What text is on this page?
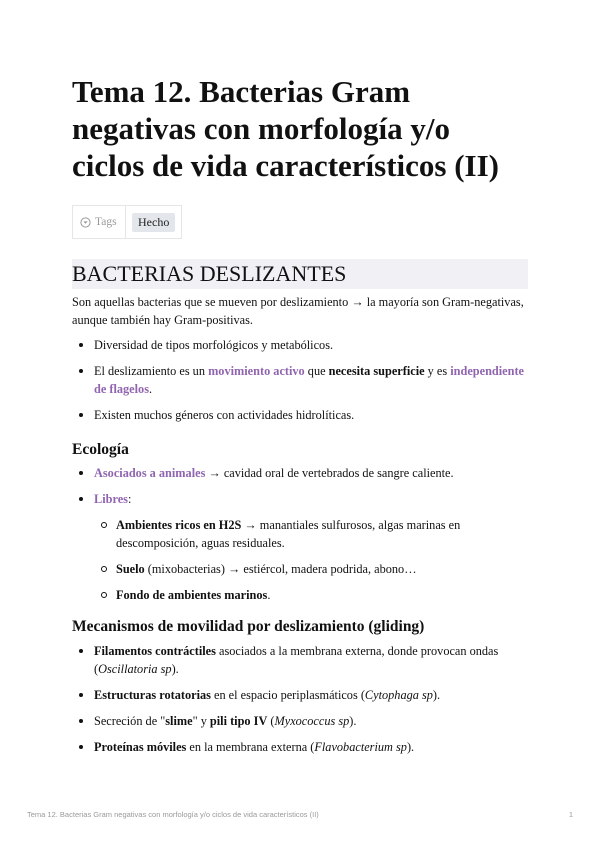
Tema 12. Bacterias Gram negativas con morfología y/o ciclos de vida característicos (II)
Tags	Hecho
BACTERIAS DESLIZANTES

Son aquellas bacterias que se mueven por deslizamiento → la mayoría son Gram-negativas, aunque también hay Gram-positivas.

Diversidad de tipos morfológicos y metabólicos.
El deslizamiento es un movimiento activo que necesita superficie y es independiente de flagelos.
Existen muchos géneros con actividades hidrolíticas.
Ecología
Asociados a animales → cavidad oral de vertebrados de sangre caliente.
Libres:
Ambientes ricos en H2S → manantiales sulfurosos, algas marinas en descomposición, aguas residuales.
Suelo (mixobacterias) → estiércol, madera podrida, abono…
Fondo de ambientes marinos.
Mecanismos de movilidad por deslizamiento (gliding)
Filamentos contráctiles asociados a la membrana externa, donde provocan ondas (Oscillatoria sp).
Estructuras rotatorias en el espacio periplasmáticos (Cytophaga sp).
Secreción de "slime" y pili tipo IV (Myxococcus sp).
Proteínas móviles en la membrana externa (Flavobacterium sp).
Tema 12. Bacterias Gram negativas con morfología y/o ciclos de vida característicos (II)	1
